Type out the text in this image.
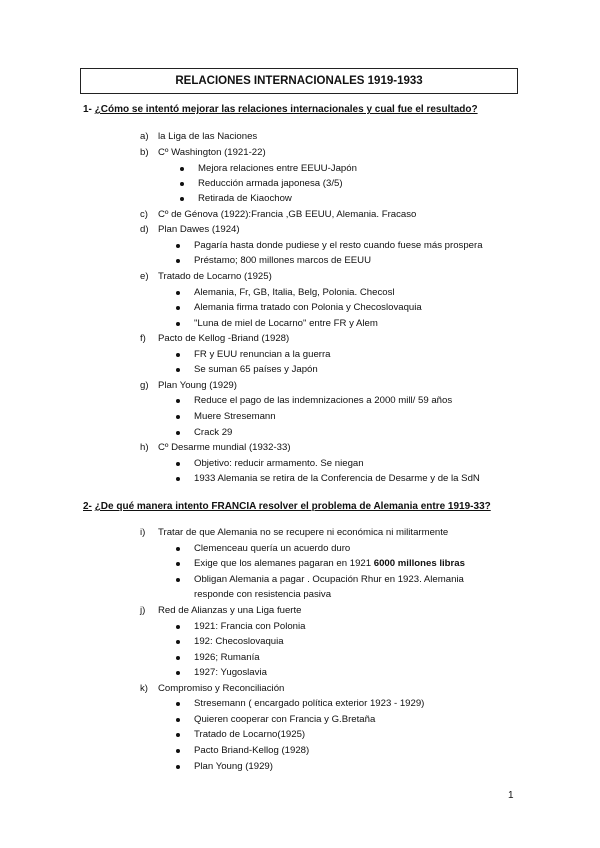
RELACIONES INTERNACIONALES 1919-1933
1- ¿Cómo se intentó mejorar las relaciones internacionales y cual fue el resultado?
a) la Liga de las Naciones
b) Cº Washington (1921-22)
Mejora relaciones entre EEUU-Japón
Reducción armada japonesa (3/5)
Retirada de Kiaochow
c) Cº de Génova (1922):Francia ,GB EEUU, Alemania. Fracaso
d) Plan Dawes (1924)
Pagaría hasta donde pudiese y el resto cuando fuese más prospera
Préstamo; 800 millones marcos de EEUU
e) Tratado de Locarno (1925)
Alemania, Fr, GB, Italia, Belg, Polonia. Checosl
Alemania firma tratado con Polonia y Checoslovaquia
"Luna de miel de Locarno" entre FR y Alem
f) Pacto de Kellog -Briand (1928)
FR y EUU renuncian a la guerra
Se suman 65 países y Japón
g) Plan Young (1929)
Reduce el pago de las indemnizaciones a 2000 mill/ 59 años
Muere Stresemann
Crack 29
h) Cº Desarme mundial (1932-33)
Objetivo: reducir armamento. Se niegan
1933 Alemania se retira de la Conferencia de Desarme y de la SdN
2- ¿De qué manera intento FRANCIA resolver el problema de Alemania entre 1919-33?
i) Tratar de que Alemania no se recupere ni económica ni militarmente
Clemenceau quería un acuerdo duro
Exige que los alemanes pagaran en 1921 6000 millones libras
Obligan Alemania a pagar . Ocupación Rhur en 1923. Alemania
responde con resistencia pasiva
j) Red de Alianzas y una Liga fuerte
1921: Francia con Polonia
192: Checoslovaquia
1926; Rumanía
1927: Yugoslavia
k) Compromiso y Reconciliación
Stresemann ( encargado política exterior 1923 - 1929)
Quieren cooperar con Francia y G.Bretaña
Tratado de Locarno(1925)
Pacto Briand-Kellog (1928)
Plan Young (1929)
1
